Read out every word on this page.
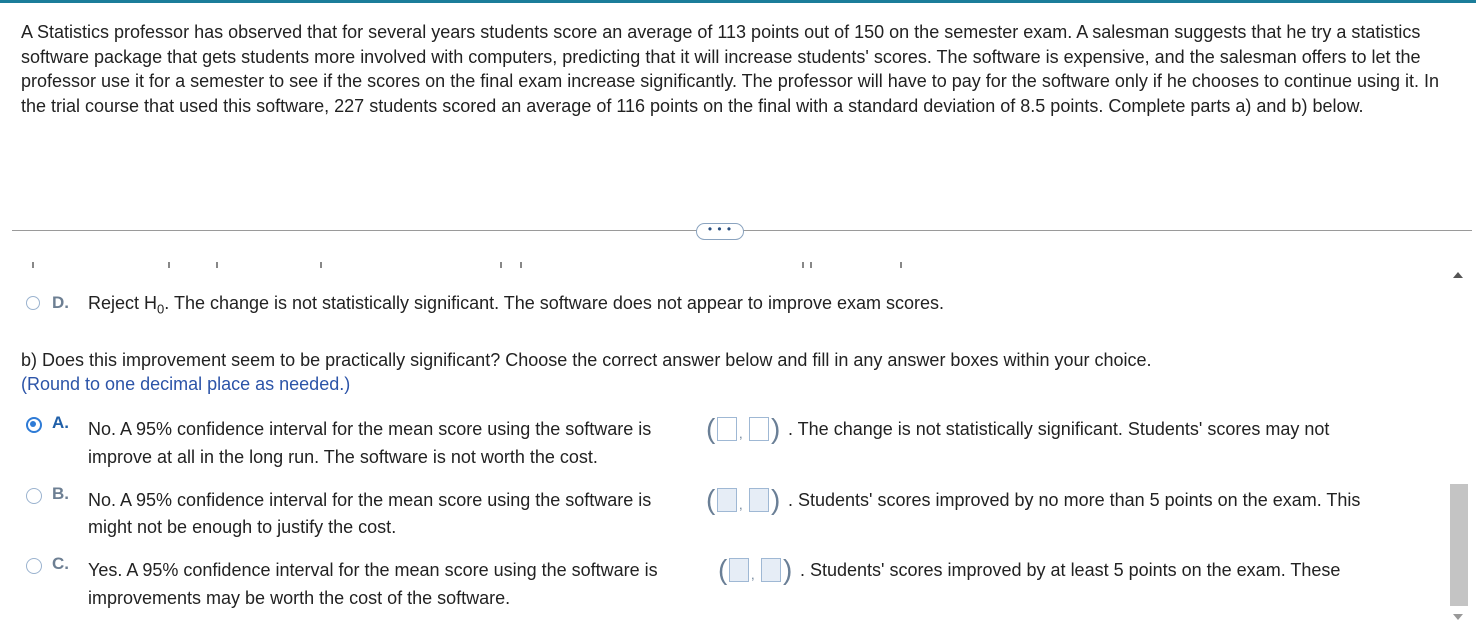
A Statistics professor has observed that for several years students score an average of 113 points out of 150 on the semester exam. A salesman suggests that he try a statistics software package that gets students more involved with computers, predicting that it will increase students' scores. The software is expensive, and the salesman offers to let the professor use it for a semester to see if the scores on the final exam increase significantly. The professor will have to pay for the software only if he chooses to continue using it. In the trial course that used this software, 227 students scored an average of 116 points on the final with a standard deviation of 8.5 points. Complete parts a) and b) below.
• • •
D. Reject $H_0$. The change is not statistically significant. The software does not appear to improve exam scores.
b) Does this improvement seem to be practically significant? Choose the correct answer below and fill in any answer boxes within your choice.
(Round to one decimal place as needed.)
A. No. A 95% confidence interval for the mean score using the software is ( , ) . The change is not statistically significant. Students' scores may not
improve at all in the long run. The software is not worth the cost.
B. No. A 95% confidence interval for the mean score using the software is ( , ) . Students' scores improved by no more than 5 points on the exam. This
might not be enough to justify the cost.
C. Yes. A 95% confidence interval for the mean score using the software is ( , ) . Students' scores improved by at least 5 points on the exam. These
improvements may be worth the cost of the software.
